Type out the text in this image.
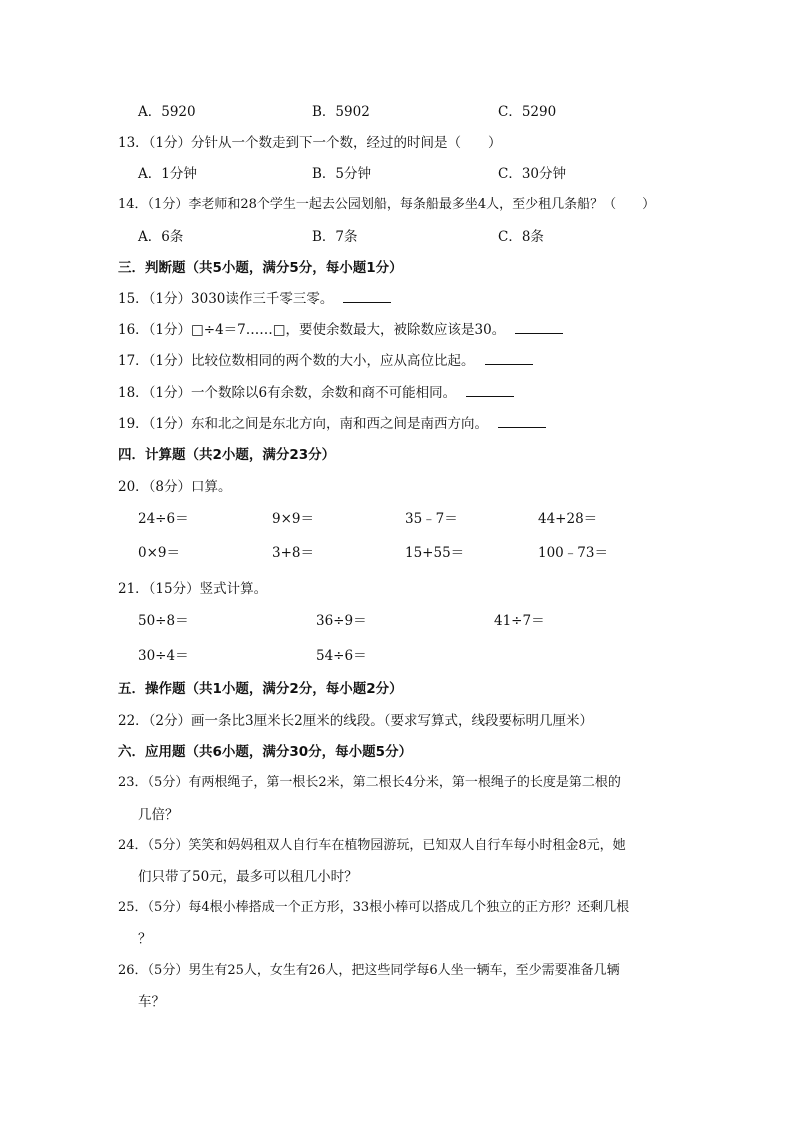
A．5920	B．5902	C．5290
13．（1分）分针从一个数走到下一个数，经过的时间是（　　）
A．1分钟	B．5分钟	C．30分钟
14．（1分）李老师和28个学生一起去公园划船，每条船最多坐4人，至少租几条船？（　　）
A．6条	B．7条	C．8条
三．判断题（共5小题，满分5分，每小题1分）
15．（1分）3030读作三千零三零。
16．（1分）□÷4＝7……□，要使余数最大，被除数应该是30。
17．（1分）比较位数相同的两个数的大小，应从高位比起。
18．（1分）一个数除以6有余数，余数和商不可能相同。
19．（1分）东和北之间是东北方向，南和西之间是南西方向。
四．计算题（共2小题，满分23分）
20．（8分）口算。
24÷6＝	9×9＝	35﹣7＝	44+28＝
0×9＝	3+8＝	15+55＝	100﹣73＝
21．（15分）竖式计算。
50÷8＝	36÷9＝	41÷7＝
30÷4＝	54÷6＝
五．操作题（共1小题，满分2分，每小题2分）
22．（2分）画一条比3厘米长2厘米的线段。（要求写算式，线段要标明几厘米）
六．应用题（共6小题，满分30分，每小题5分）
23．（5分）有两根绳子，第一根长2米，第二根长4分米，第一根绳子的长度是第二根的
几倍？
24．（5分）笑笑和妈妈租双人自行车在植物园游玩，已知双人自行车每小时租金8元，她
们只带了50元，最多可以租几小时？
25．（5分）每4根小棒搭成一个正方形，33根小棒可以搭成几个独立的正方形？还剩几根
？
26．（5分）男生有25人，女生有26人，把这些同学每6人坐一辆车，至少需要准备几辆
车？
